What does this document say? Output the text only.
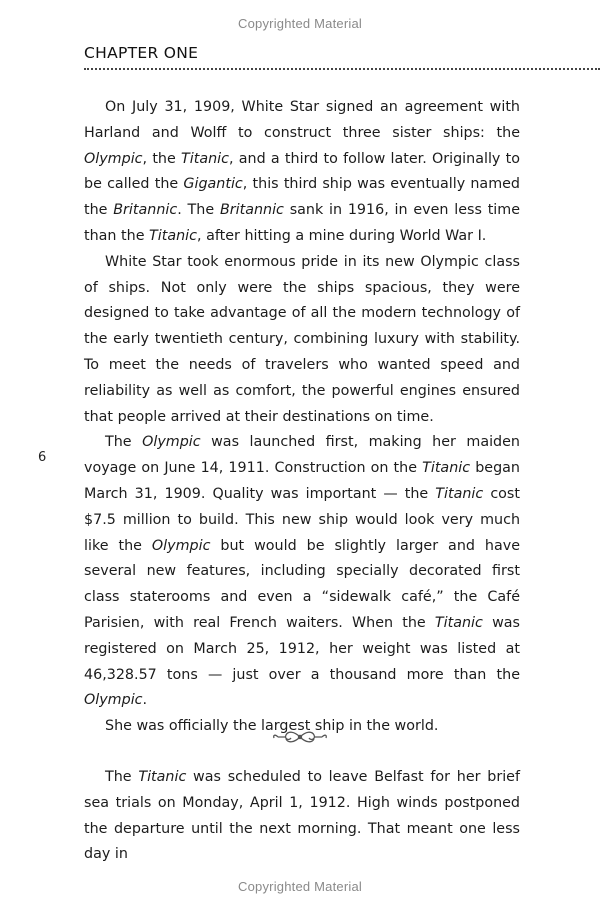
Copyrighted Material
CHAPTER ONE

On July 31, 1909, White Star signed an agreement with Harland and Wolff to construct three sister ships: the Olympic, the Titanic, and a third to follow later. Originally to be called the Gigantic, this third ship was eventually named the Britannic. The Britannic sank in 1916, in even less time than the Titanic, after hitting a mine during World War I.

White Star took enormous pride in its new Olympic class of ships. Not only were the ships spacious, they were designed to take advantage of all the modern technology of the early twentieth century, combining luxury with stability. To meet the needs of travelers who wanted speed and reliability as well as comfort, the powerful engines ensured that people arrived at their destinations on time.

The Olympic was launched first, making her maiden voyage on June 14, 1911. Construction on the Titanic began March 31, 1909. Quality was important — the Titanic cost $7.5 million to build. This new ship would look very much like the Olympic but would be slightly larger and have several new features, including specially decorated first class staterooms and even a “sidewalk café,” the Café Parisien, with real French waiters. When the Titanic was registered on March 25, 1912, her weight was listed at 46,328.57 tons — just over a thousand more than the Olympic.

She was officially the largest ship in the world.

6

The Titanic was scheduled to leave Belfast for her brief sea trials on Monday, April 1, 1912. High winds postponed the departure until the next morning. That meant one less day in

Copyrighted Material
